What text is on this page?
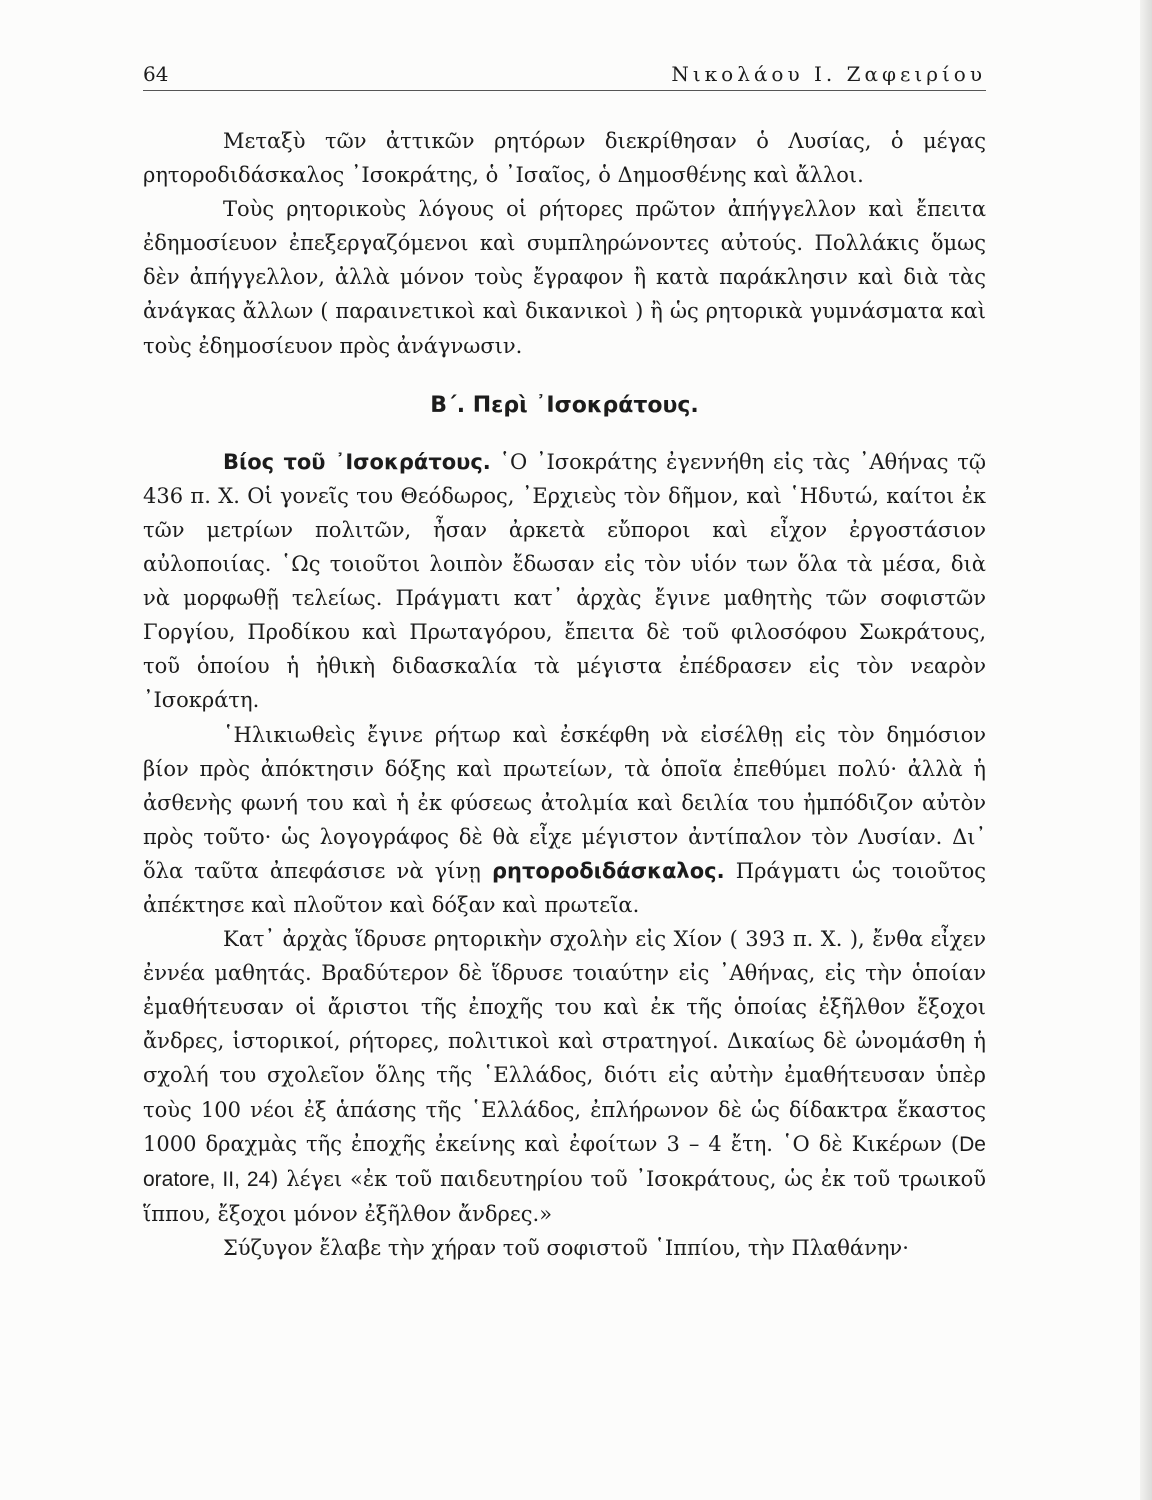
64	Νικολάου Ι. Ζαφειρίου

Μεταξὺ τῶν ἀττικῶν ρητόρων διεκρίθησαν ὁ Λυσίας, ὁ μέγας ρητοροδιδάσκαλος ᾿Ισοκράτης, ὁ ᾿Ισαῖος, ὁ Δημοσθένης καὶ ἄλλοι.

Τοὺς ρητορικοὺς λόγους οἱ ρήτορες πρῶτον ἀπήγγελλον καὶ ἔπειτα ἐδημοσίευον ἐπεξεργαζόμενοι καὶ συμπληρώνοντες αὐτούς. Πολλάκις ὅμως δὲν ἀπήγγελλον, ἀλλὰ μόνον τοὺς ἔγραφον ἢ κατὰ παράκλησιν καὶ διὰ τὰς ἀνάγκας ἄλλων ( παραινετικοὶ καὶ δικανικοὶ ) ἢ ὡς ρητορικὰ γυμνάσματα καὶ τοὺς ἐδημοσίευον πρὸς ἀνάγνωσιν.

Β΄. Περὶ ᾿Ισοκράτους.

Βίος τοῦ ᾿Ισοκράτους. ῾Ο ᾿Ισοκράτης ἐγεννήθη εἰς τὰς ᾿Αθήνας τῷ 436 π. Χ. Οἱ γονεῖς του Θεόδωρος, ᾿Ερχιεὺς τὸν δῆμον, καὶ ῾Ηδυτώ, καίτοι ἐκ τῶν μετρίων πολιτῶν, ἦσαν ἀρκετὰ εὔποροι καὶ εἶχον ἐργοστάσιον αὐλοποιίας. ῾Ως τοιοῦτοι λοιπὸν ἔδωσαν εἰς τὸν υἱόν των ὅλα τὰ μέσα, διὰ νὰ μορφωθῇ τελείως. Πράγματι κατ᾿ ἀρχὰς ἔγινε μαθητὴς τῶν σοφιστῶν Γοργίου, Προδίκου καὶ Πρωταγόρου, ἔπειτα δὲ τοῦ φιλοσόφου Σωκράτους, τοῦ ὁποίου ἡ ἠθικὴ διδασκαλία τὰ μέγιστα ἐπέδρασεν εἰς τὸν νεαρὸν ᾿Ισοκράτη.

῾Ηλικιωθεὶς ἔγινε ρήτωρ καὶ ἐσκέφθη νὰ εἰσέλθῃ εἰς τὸν δημόσιον βίον πρὸς ἀπόκτησιν δόξης καὶ πρωτείων, τὰ ὁποῖα ἐπεθύμει πολύ· ἀλλὰ ἡ ἀσθενὴς φωνή του καὶ ἡ ἐκ φύσεως ἀτολμία καὶ δειλία του ἠμπόδιζον αὐτὸν πρὸς τοῦτο· ὡς λογογράφος δὲ θὰ εἶχε μέγιστον ἀντίπαλον τὸν Λυσίαν. Δι᾿ ὅλα ταῦτα ἀπεφάσισε νὰ γίνῃ ρητοροδιδάσκαλος. Πράγματι ὡς τοιοῦτος ἀπέκτησε καὶ πλοῦτον καὶ δόξαν καὶ πρωτεῖα.

Κατ᾿ ἀρχὰς ἵδρυσε ρητορικὴν σχολὴν εἰς Χίον ( 393 π. Χ. ), ἔνθα εἶχεν ἐννέα μαθητάς. Βραδύτερον δὲ ἵδρυσε τοιαύτην εἰς ᾿Αθήνας, εἰς τὴν ὁποίαν ἐμαθήτευσαν οἱ ἄριστοι τῆς ἐποχῆς του καὶ ἐκ τῆς ὁποίας ἐξῆλθον ἔξοχοι ἄνδρες, ἱστορικοί, ρήτορες, πολιτικοὶ καὶ στρατηγοί. Δικαίως δὲ ὠνομάσθη ἡ σχολή του σχολεῖον ὅλης τῆς ῾Ελλάδος, διότι εἰς αὐτὴν ἐμαθήτευσαν ὑπὲρ τοὺς 100 νέοι ἐξ ἁπάσης τῆς ῾Ελλάδος, ἐπλήρωνον δὲ ὡς δίδακτρα ἕκαστος 1000 δραχμὰς τῆς ἐποχῆς ἐκείνης καὶ ἐφοίτων 3 – 4 ἔτη. ῾Ο δὲ Κικέρων (De oratore, II, 24) λέγει «ἐκ τοῦ παιδευτηρίου τοῦ ᾿Ισοκράτους, ὡς ἐκ τοῦ τρωικοῦ ἵππου, ἔξοχοι μόνον ἐξῆλθον ἄνδρες.»

Σύζυγον ἔλαβε τὴν χήραν τοῦ σοφιστοῦ ῾Ιππίου, τὴν Πλαθάνην·
